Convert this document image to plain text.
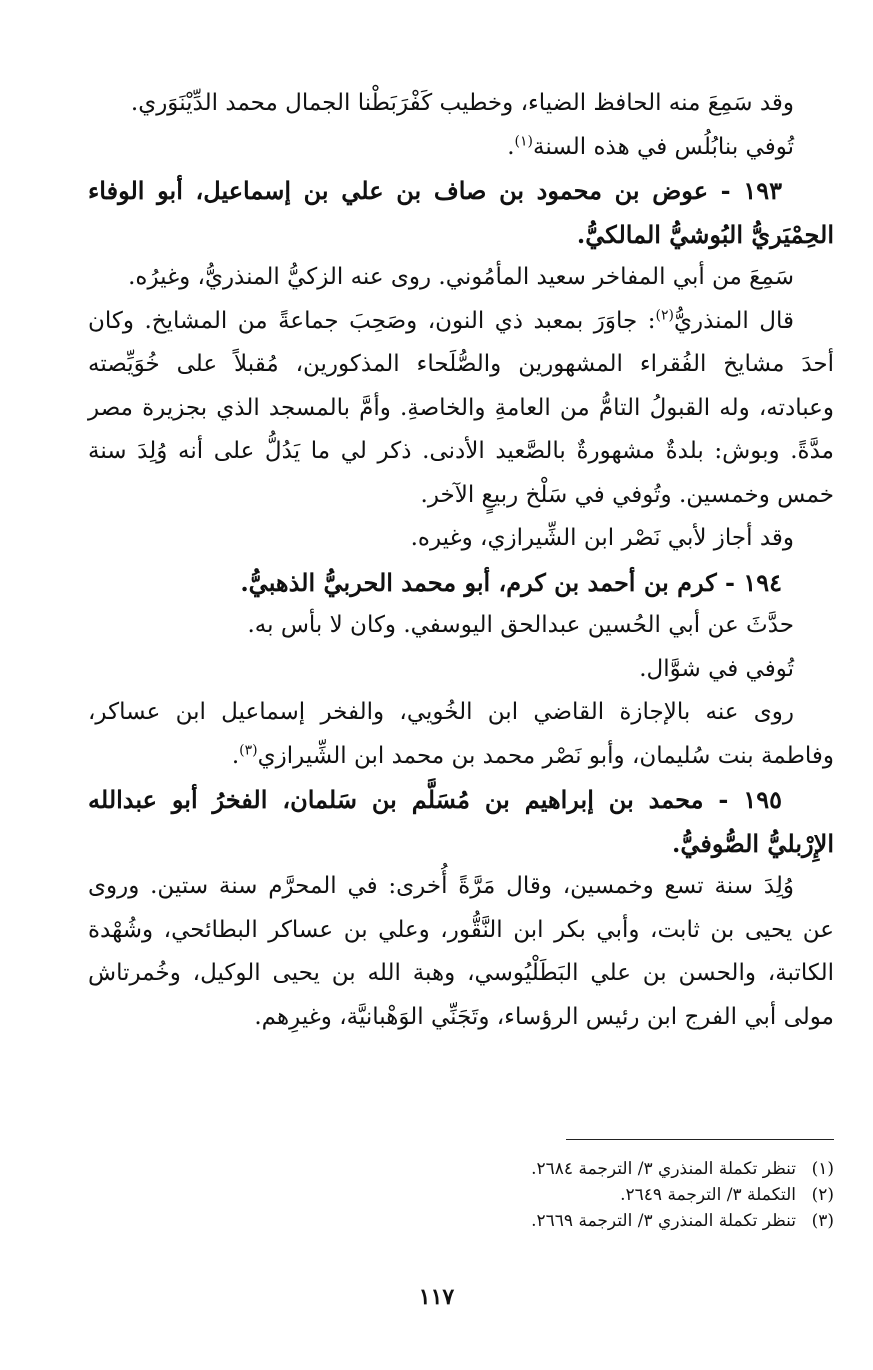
وقد سَمِعَ منه الحافظ الضياء، وخطيب كَفْرَبَطْنا الجمال محمد الدِّيْنَوَري.

تُوفي بنابُلُس في هذه السنة$^{(١)}$.

١٩٣ - عوض بن محمود بن صاف بن علي بن إسماعيل، أبو الوفاء الحِمْيَريُّ البُوشيُّ المالكيُّ.

سَمِعَ من أبي المفاخر سعيد المأمُوني. روى عنه الزكيُّ المنذريُّ، وغيرُه.

قال المنذريُّ$^{(٢)}$: جاوَرَ بمعبد ذي النون، وصَحِبَ جماعةً من المشايخ. وكان أحدَ مشايخ الفُقراء المشهورين والصُّلَحاء المذكورين، مُقبلاً على خُوَيِّصته وعبادته، وله القبولُ التامُّ من العامةِ والخاصةِ. وأمَّ بالمسجد الذي بجزيرة مصر مدَّةً. وبوش: بلدةٌ مشهورةٌ بالصَّعيد الأدنى. ذكر لي ما يَدُلُّ على أنه وُلِدَ سنة خمس وخمسين. وتُوفي في سَلْخ ربيعٍ الآخر.

وقد أجاز لأبي نَصْر ابن الشِّيرازي، وغيره.

١٩٤ - كرم بن أحمد بن كرم، أبو محمد الحربيُّ الذهبيُّ.

حدَّثَ عن أبي الحُسين عبدالحق اليوسفي. وكان لا بأس به.

تُوفي في شوَّال.

روى عنه بالإجازة القاضي ابن الخُويي، والفخر إسماعيل ابن عساكر، وفاطمة بنت سُليمان، وأبو نَصْر محمد بن محمد ابن الشِّيرازي$^{(٣)}$.

١٩٥ - محمد بن إبراهيم بن مُسَلَّم بن سَلمان، الفخرُ أبو عبدالله الإِرْبليُّ الصُّوفيُّ.

وُلِدَ سنة تسع وخمسين، وقال مَرَّةً أُخرى: في المحرَّم سنة ستين. وروى عن يحيى بن ثابت، وأبي بكر ابن النَّقُّور، وعلي بن عساكر البطائحي، وشُهْدة الكاتبة، والحسن بن علي البَطَلْيُوسي، وهبة الله بن يحيى الوكيل، وخُمرتاش مولى أبي الفرج ابن رئيس الرؤساء، وتَجَنِّي الوَهْبانيَّة، وغيرِهم.

(١)تنظر تكملة المنذري ٣/ الترجمة ٢٦٨٤.

(٢)التكملة ٣/ الترجمة ٢٦٤٩.

(٣)تنظر تكملة المنذري ٣/ الترجمة ٢٦٦٩.

١١٧
